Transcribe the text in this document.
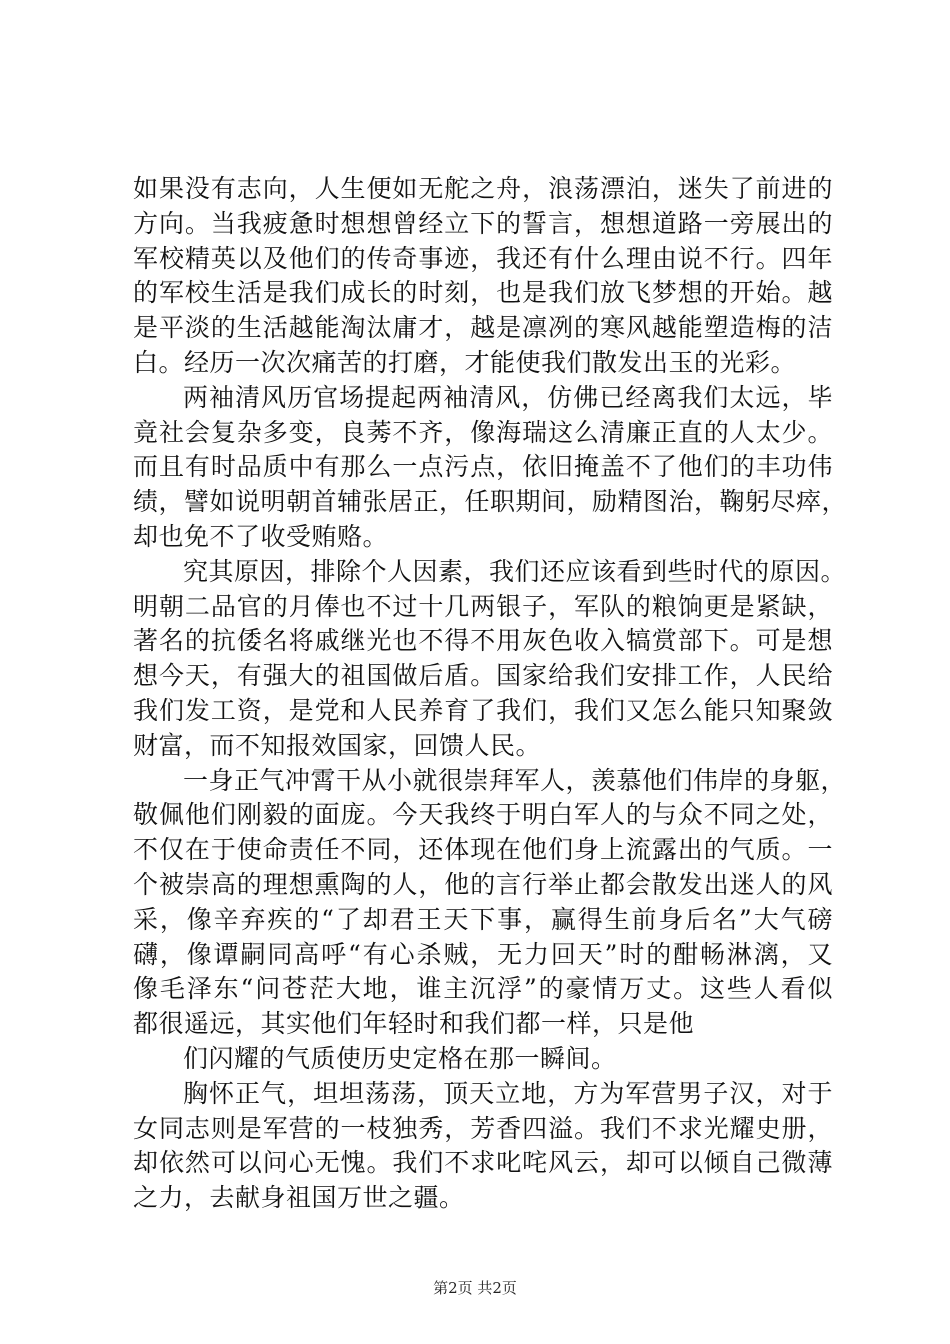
如果没有志向，人生便如无舵之舟，浪荡漂泊，迷失了前进的
方向。当我疲惫时想想曾经立下的誓言，想想道路一旁展出的
军校精英以及他们的传奇事迹，我还有什么理由说不行。四年
的军校生活是我们成长的时刻，也是我们放飞梦想的开始。越
是平淡的生活越能淘汰庸才，越是凛冽的寒风越能塑造梅的洁
白。经历一次次痛苦的打磨，才能使我们散发出玉的光彩。
两袖清风历官场提起两袖清风，仿佛已经离我们太远，毕
竟社会复杂多变，良莠不齐，像海瑞这么清廉正直的人太少。
而且有时品质中有那么一点污点，依旧掩盖不了他们的丰功伟
绩，譬如说明朝首辅张居正，任职期间，励精图治，鞠躬尽瘁，
却也免不了收受贿赂。
究其原因，排除个人因素，我们还应该看到些时代的原因。
明朝二品官的月俸也不过十几两银子，军队的粮饷更是紧缺，
著名的抗倭名将戚继光也不得不用灰色收入犒赏部下。可是想
想今天，有强大的祖国做后盾。国家给我们安排工作，人民给
我们发工资，是党和人民养育了我们，我们又怎么能只知聚敛
财富，而不知报效国家，回馈人民。
一身正气冲霄干从小就很崇拜军人，羡慕他们伟岸的身躯，
敬佩他们刚毅的面庞。今天我终于明白军人的与众不同之处，
不仅在于使命责任不同，还体现在他们身上流露出的气质。一
个被崇高的理想熏陶的人，他的言行举止都会散发出迷人的风
采，像辛弃疾的“了却君王天下事，赢得生前身后名”大气磅
礴，像谭嗣同高呼“有心杀贼，无力回天”时的酣畅淋漓，又
像毛泽东“问苍茫大地，谁主沉浮”的豪情万丈。这些人看似
都很遥远，其实他们年轻时和我们都一样，只是他
们闪耀的气质使历史定格在那一瞬间。
胸怀正气，坦坦荡荡，顶天立地，方为军营男子汉，对于
女同志则是军营的一枝独秀，芳香四溢。我们不求光耀史册，
却依然可以问心无愧。我们不求叱咤风云，却可以倾自己微薄
之力，去献身祖国万世之疆。
第2页 共2页
